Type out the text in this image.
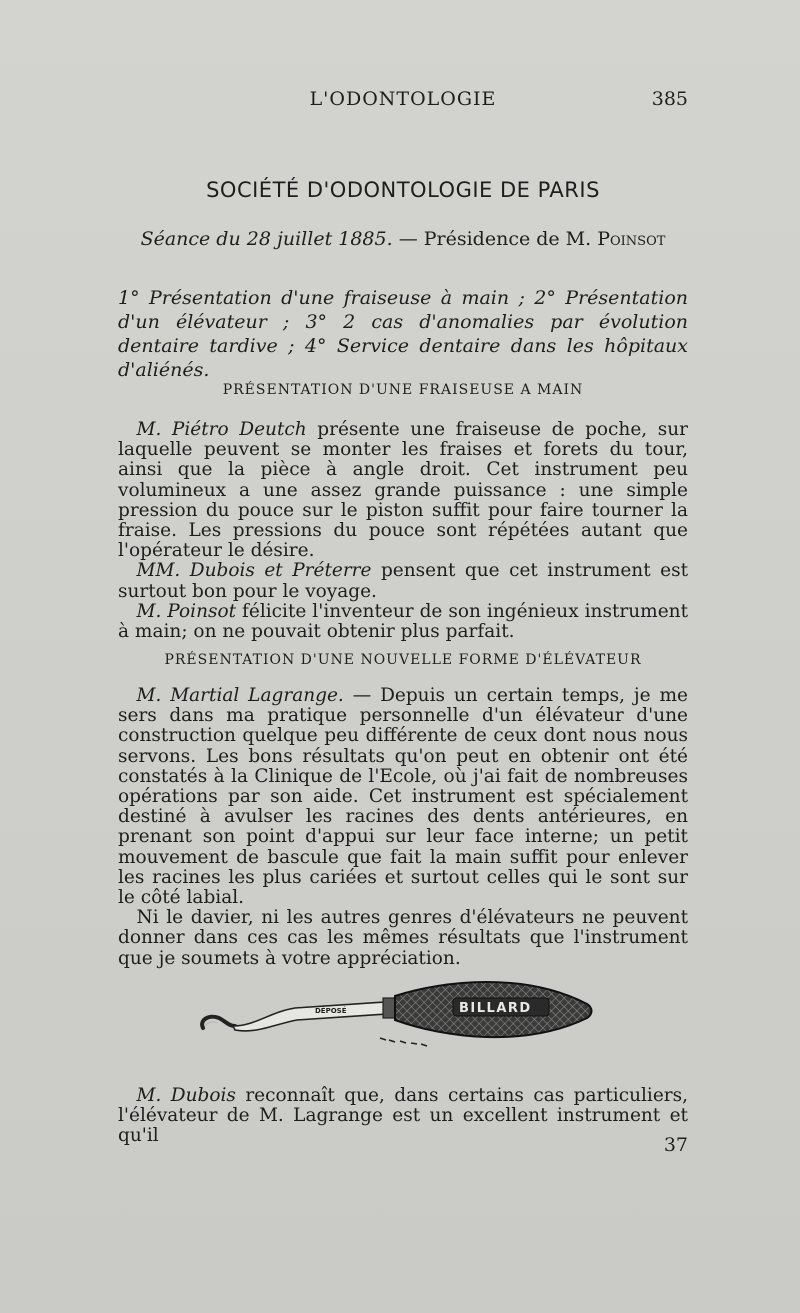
L'ODONTOLOGIE	385
SOCIÉTÉ D'ODONTOLOGIE DE PARIS
Séance du 28 juillet 1885. — Présidence de M. Poinsot
1° Présentation d'une fraiseuse à main ; 2° Présentation d'un élévateur ; 3° 2 cas d'anomalies par évolution dentaire tardive ; 4° Service dentaire dans les hôpitaux d'aliénés.
PRÉSENTATION D'UNE FRAISEUSE A MAIN

 M. Piétro Deutch présente une fraiseuse de poche, sur laquelle peuvent se monter les fraises et forets du tour, ainsi que la pièce à angle droit. Cet instrument peu volumineux a une assez grande puissance : une simple pression du pouce sur le piston suffit pour faire tourner la fraise. Les pressions du pouce sont répétées autant que l'opérateur le désire.

 MM. Dubois et Préterre pensent que cet instrument est surtout bon pour le voyage.

 M. Poinsot félicite l'inventeur de son ingénieux instrument à main; on ne pouvait obtenir plus parfait.

PRÉSENTATION D'UNE NOUVELLE FORME D'ÉLÉVATEUR

 M. Martial Lagrange. — Depuis un certain temps, je me sers dans ma pratique personnelle d'un élévateur d'une construction quelque peu différente de ceux dont nous nous servons. Les bons résultats qu'on peut en obtenir ont été constatés à la Clinique de l'Ecole, où j'ai fait de nombreuses opérations par son aide. Cet instrument est spécialement destiné à avulser les racines des dents antérieures, en prenant son point d'appui sur leur face interne; un petit mouvement de bascule que fait la main suffit pour enlever les racines les plus cariées et surtout celles qui le sont sur le côté labial.

 Ni le davier, ni les autres genres d'élévateurs ne peuvent donner dans ces cas les mêmes résultats que l'instrument que je soumets à votre appréciation.

DÉPOSÉ	BILLARD

 M. Dubois reconnaît que, dans certains cas particuliers, l'élévateur de M. Lagrange est un excellent instrument et qu'il	37
